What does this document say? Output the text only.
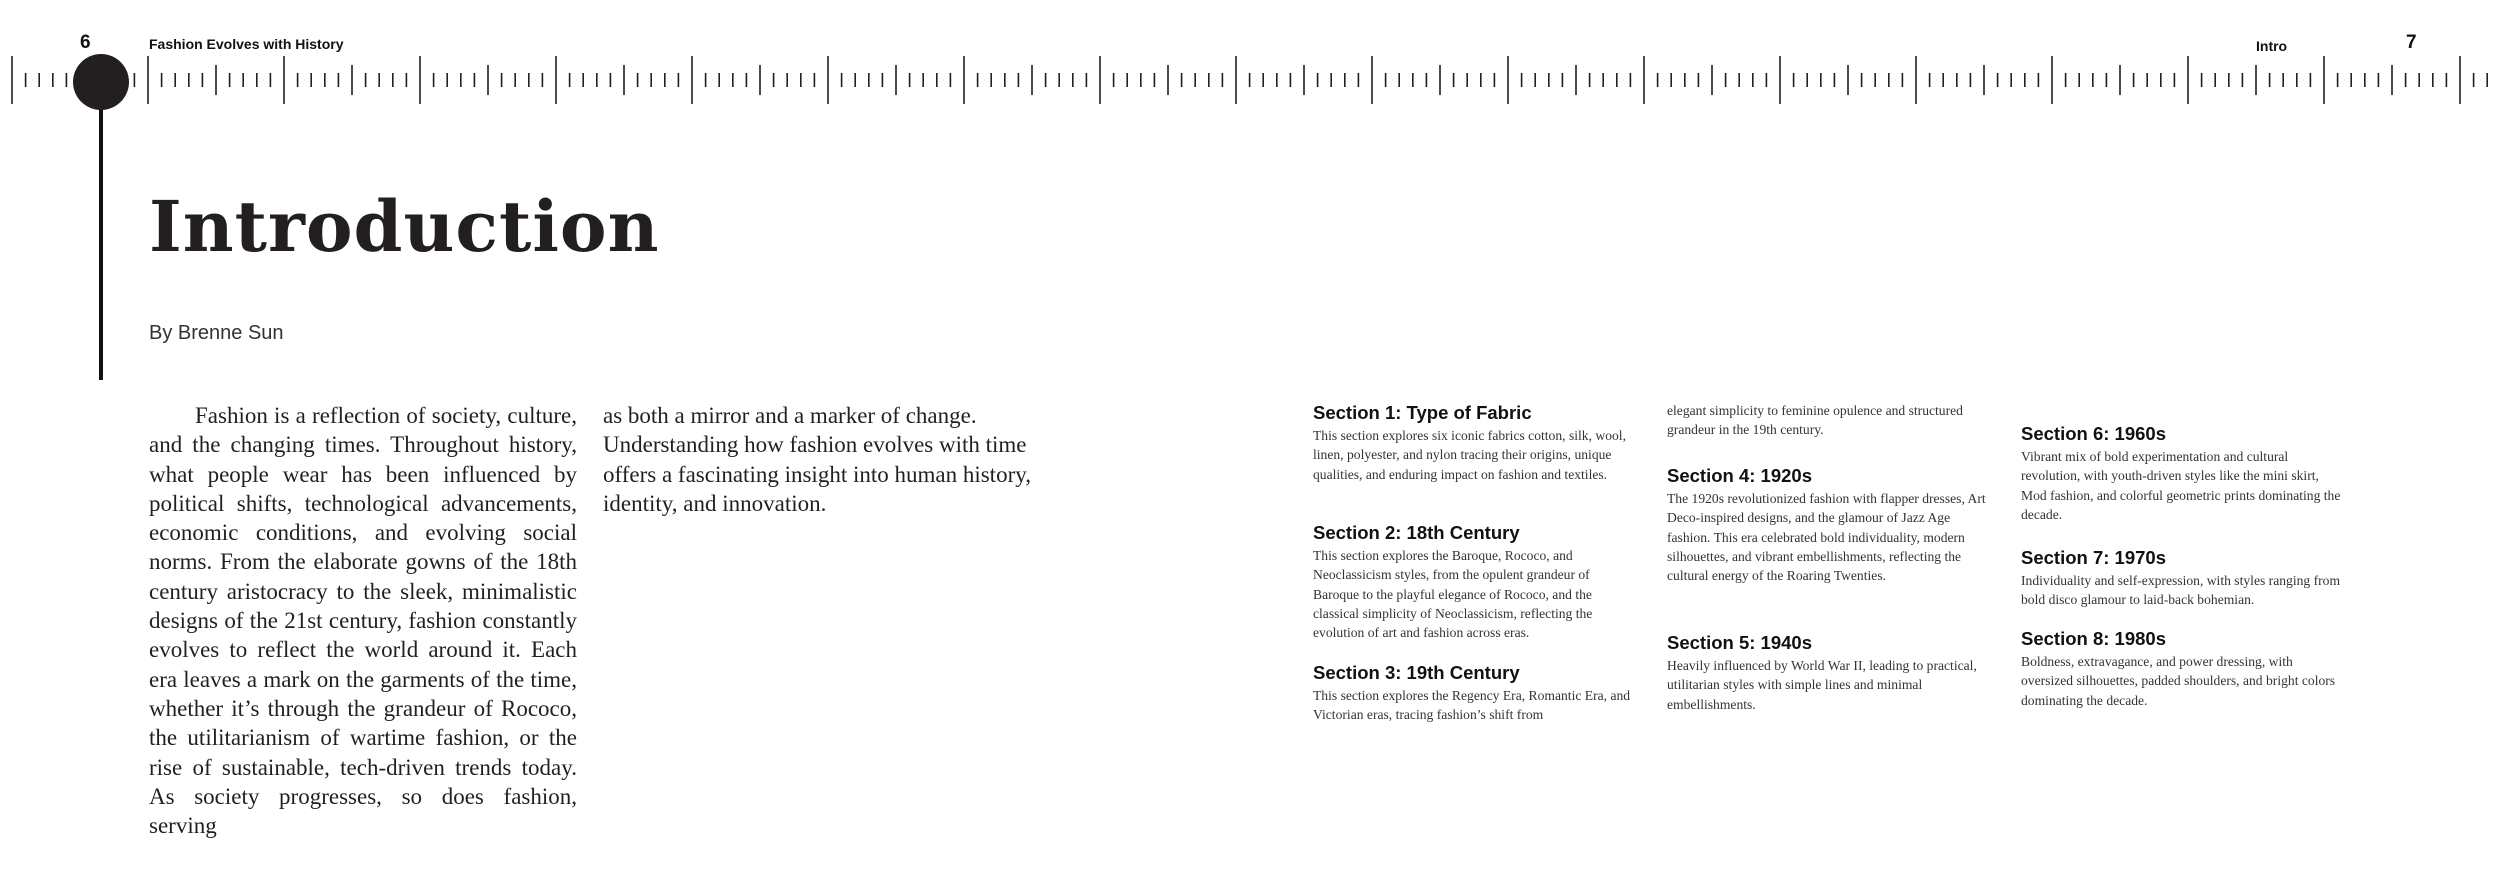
6	Fashion Evolves with History	Intro	7
Introduction
By Brenne Sun

Fashion is a reflection of society, culture, and the changing times. Throughout history, what people wear has been influenced by political shifts, technological advancements, economic conditions, and evolving social norms. From the elaborate gowns of the 18th century aristocracy to the sleek, minimalistic designs of the 21st century, fashion constantly evolves to reflect the world around it. Each era leaves a mark on the garments of the time, whether it’s through the grandeur of Rococo, the utilitarianism of wartime fashion, or the rise of sustainable, tech-driven trends today. As society progresses, so does fashion, serving

as both a mirror and a marker of change. Understanding how fashion evolves with time offers a fascinating insight into human history, identity, and innovation.

Section 1: Type of Fabric

This section explores six iconic fabrics cotton, silk, wool, linen, polyester, and nylon tracing their origins, unique qualities, and enduring impact on fashion and textiles.

Section 2: 18th Century

This section explores the Baroque, Rococo, and Neoclassicism styles, from the opulent grandeur of Baroque to the playful elegance of Rococo, and the classical simplicity of Neoclassicism, reflecting the evolution of art and fashion across eras.

Section 3: 19th Century

This section explores the Regency Era, Romantic Era, and Victorian eras, tracing fashion’s shift from

elegant simplicity to feminine opulence and structured grandeur in the 19th century.

Section 4: 1920s

The 1920s revolutionized fashion with flapper dresses, Art Deco-inspired designs, and the glamour of Jazz Age fashion. This era celebrated bold individuality, modern silhouettes, and vibrant embellishments, reflecting the cultural energy of the Roaring Twenties.

Section 5: 1940s

Heavily influenced by World War II, leading to practical, utilitarian styles with simple lines and minimal embellishments.

Section 6: 1960s

Vibrant mix of bold experimentation and cultural revolution, with youth-driven styles like the mini skirt, Mod fashion, and colorful geometric prints dominating the decade.

Section 7: 1970s

Individuality and self-expression, with styles ranging from bold disco glamour to laid-back bohemian.

Section 8: 1980s

Boldness, extravagance, and power dressing, with oversized silhouettes, padded shoulders, and bright colors dominating the decade.
